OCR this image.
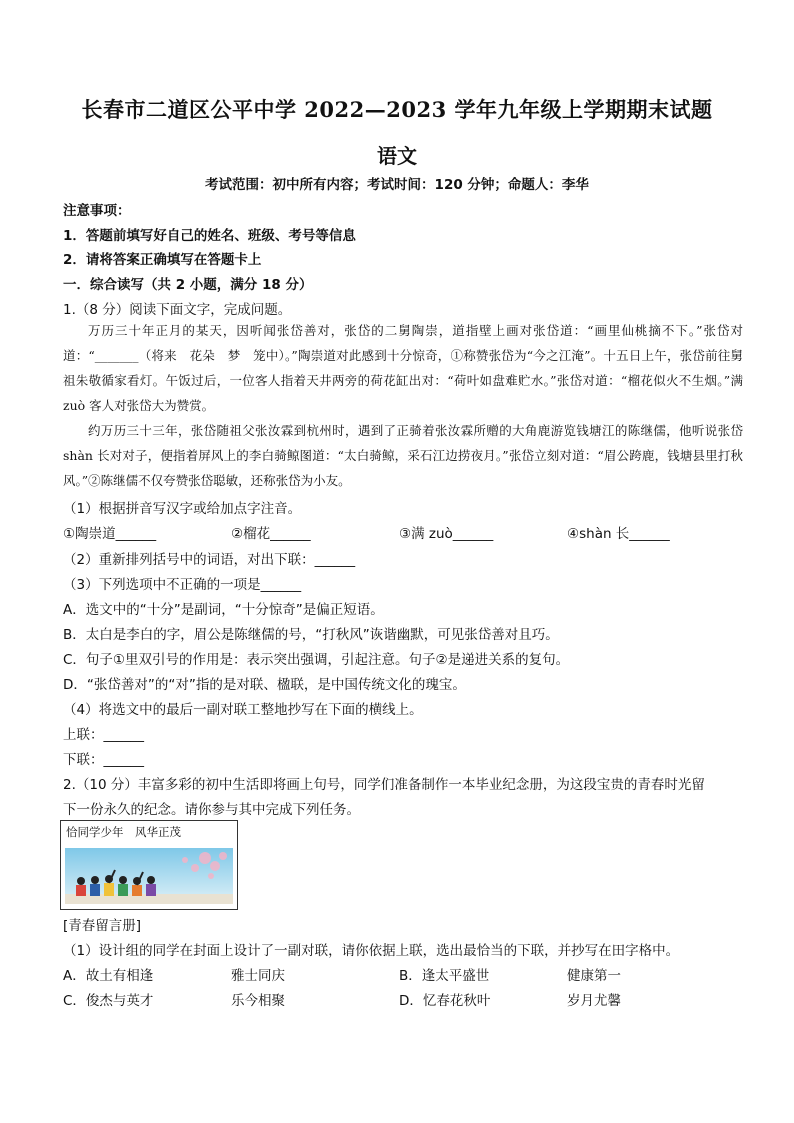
长春市二道区公平中学 2022—2023 学年九年级上学期期末试题
语文
考试范围：初中所有内容；考试时间：120 分钟；命题人：李华
注意事项：
1．答题前填写好自己的姓名、班级、考号等信息
2．请将答案正确填写在答题卡上
一．综合读写（共 2 小题，满分 18 分）
1.（8 分）阅读下面文字，完成问题。
万历三十年正月的某天，因听闻张岱善对，张岱的二舅陶崇，道指壁上画对张岱道：“画里仙桃摘不下。”张岱对道：“_______（将来　花朵　梦　笼中）。”陶崇道对此感到十分惊奇，①称赞张岱为“今之江淹”。十五日上午，张岱前往舅祖朱敬循家看灯。午饭过后，一位客人指着天井两旁的荷花缸出对：“荷叶如盘难贮水。”张岱对道：“榴花似火不生烟。”满 zuò 客人对张岱大为赞赏。
约万历三十三年，张岱随祖父张汝霖到杭州时，遇到了正骑着张汝霖所赠的大角鹿游览钱塘江的陈继儒，他听说张岱 shàn 长对对子，便指着屏风上的李白骑鲸图道：“太白骑鲸，采石江边捞夜月。”张岱立刻对道：“眉公跨鹿，钱塘县里打秋风。”②陈继儒不仅夸赞张岱聪敏，还称张岱为小友。
（1）根据拼音写汉字或给加点字注音。
①陶崇道______	②榴花______	③满 zuò______	④shàn 长______
（2）重新排列括号中的词语，对出下联：______
（3）下列选项中不正确的一项是______
A．选文中的“十分”是副词，“十分惊奇”是偏正短语。
B．太白是李白的字，眉公是陈继儒的号，“打秋风”诙谐幽默，可见张岱善对且巧。
C．句子①里双引号的作用是：表示突出强调，引起注意。句子②是递进关系的复句。
D．“张岱善对”的“对”指的是对联、楹联，是中国传统文化的瑰宝。
（4）将选文中的最后一副对联工整地抄写在下面的横线上。
上联：______
下联：______
2.（10 分）丰富多彩的初中生活即将画上句号，同学们准备制作一本毕业纪念册，为这段宝贵的青春时光留
下一份永久的纪念。请你参与其中完成下列任务。
恰同学少年　风华正茂
[青春留言册]
（1）设计组的同学在封面上设计了一副对联，请你依据上联，选出最恰当的下联，并抄写在田字格中。
A．故土有相逢	雅士同庆	B．逢太平盛世	健康第一
C．俊杰与英才	乐今相聚	D．忆春花秋叶	岁月尤馨
